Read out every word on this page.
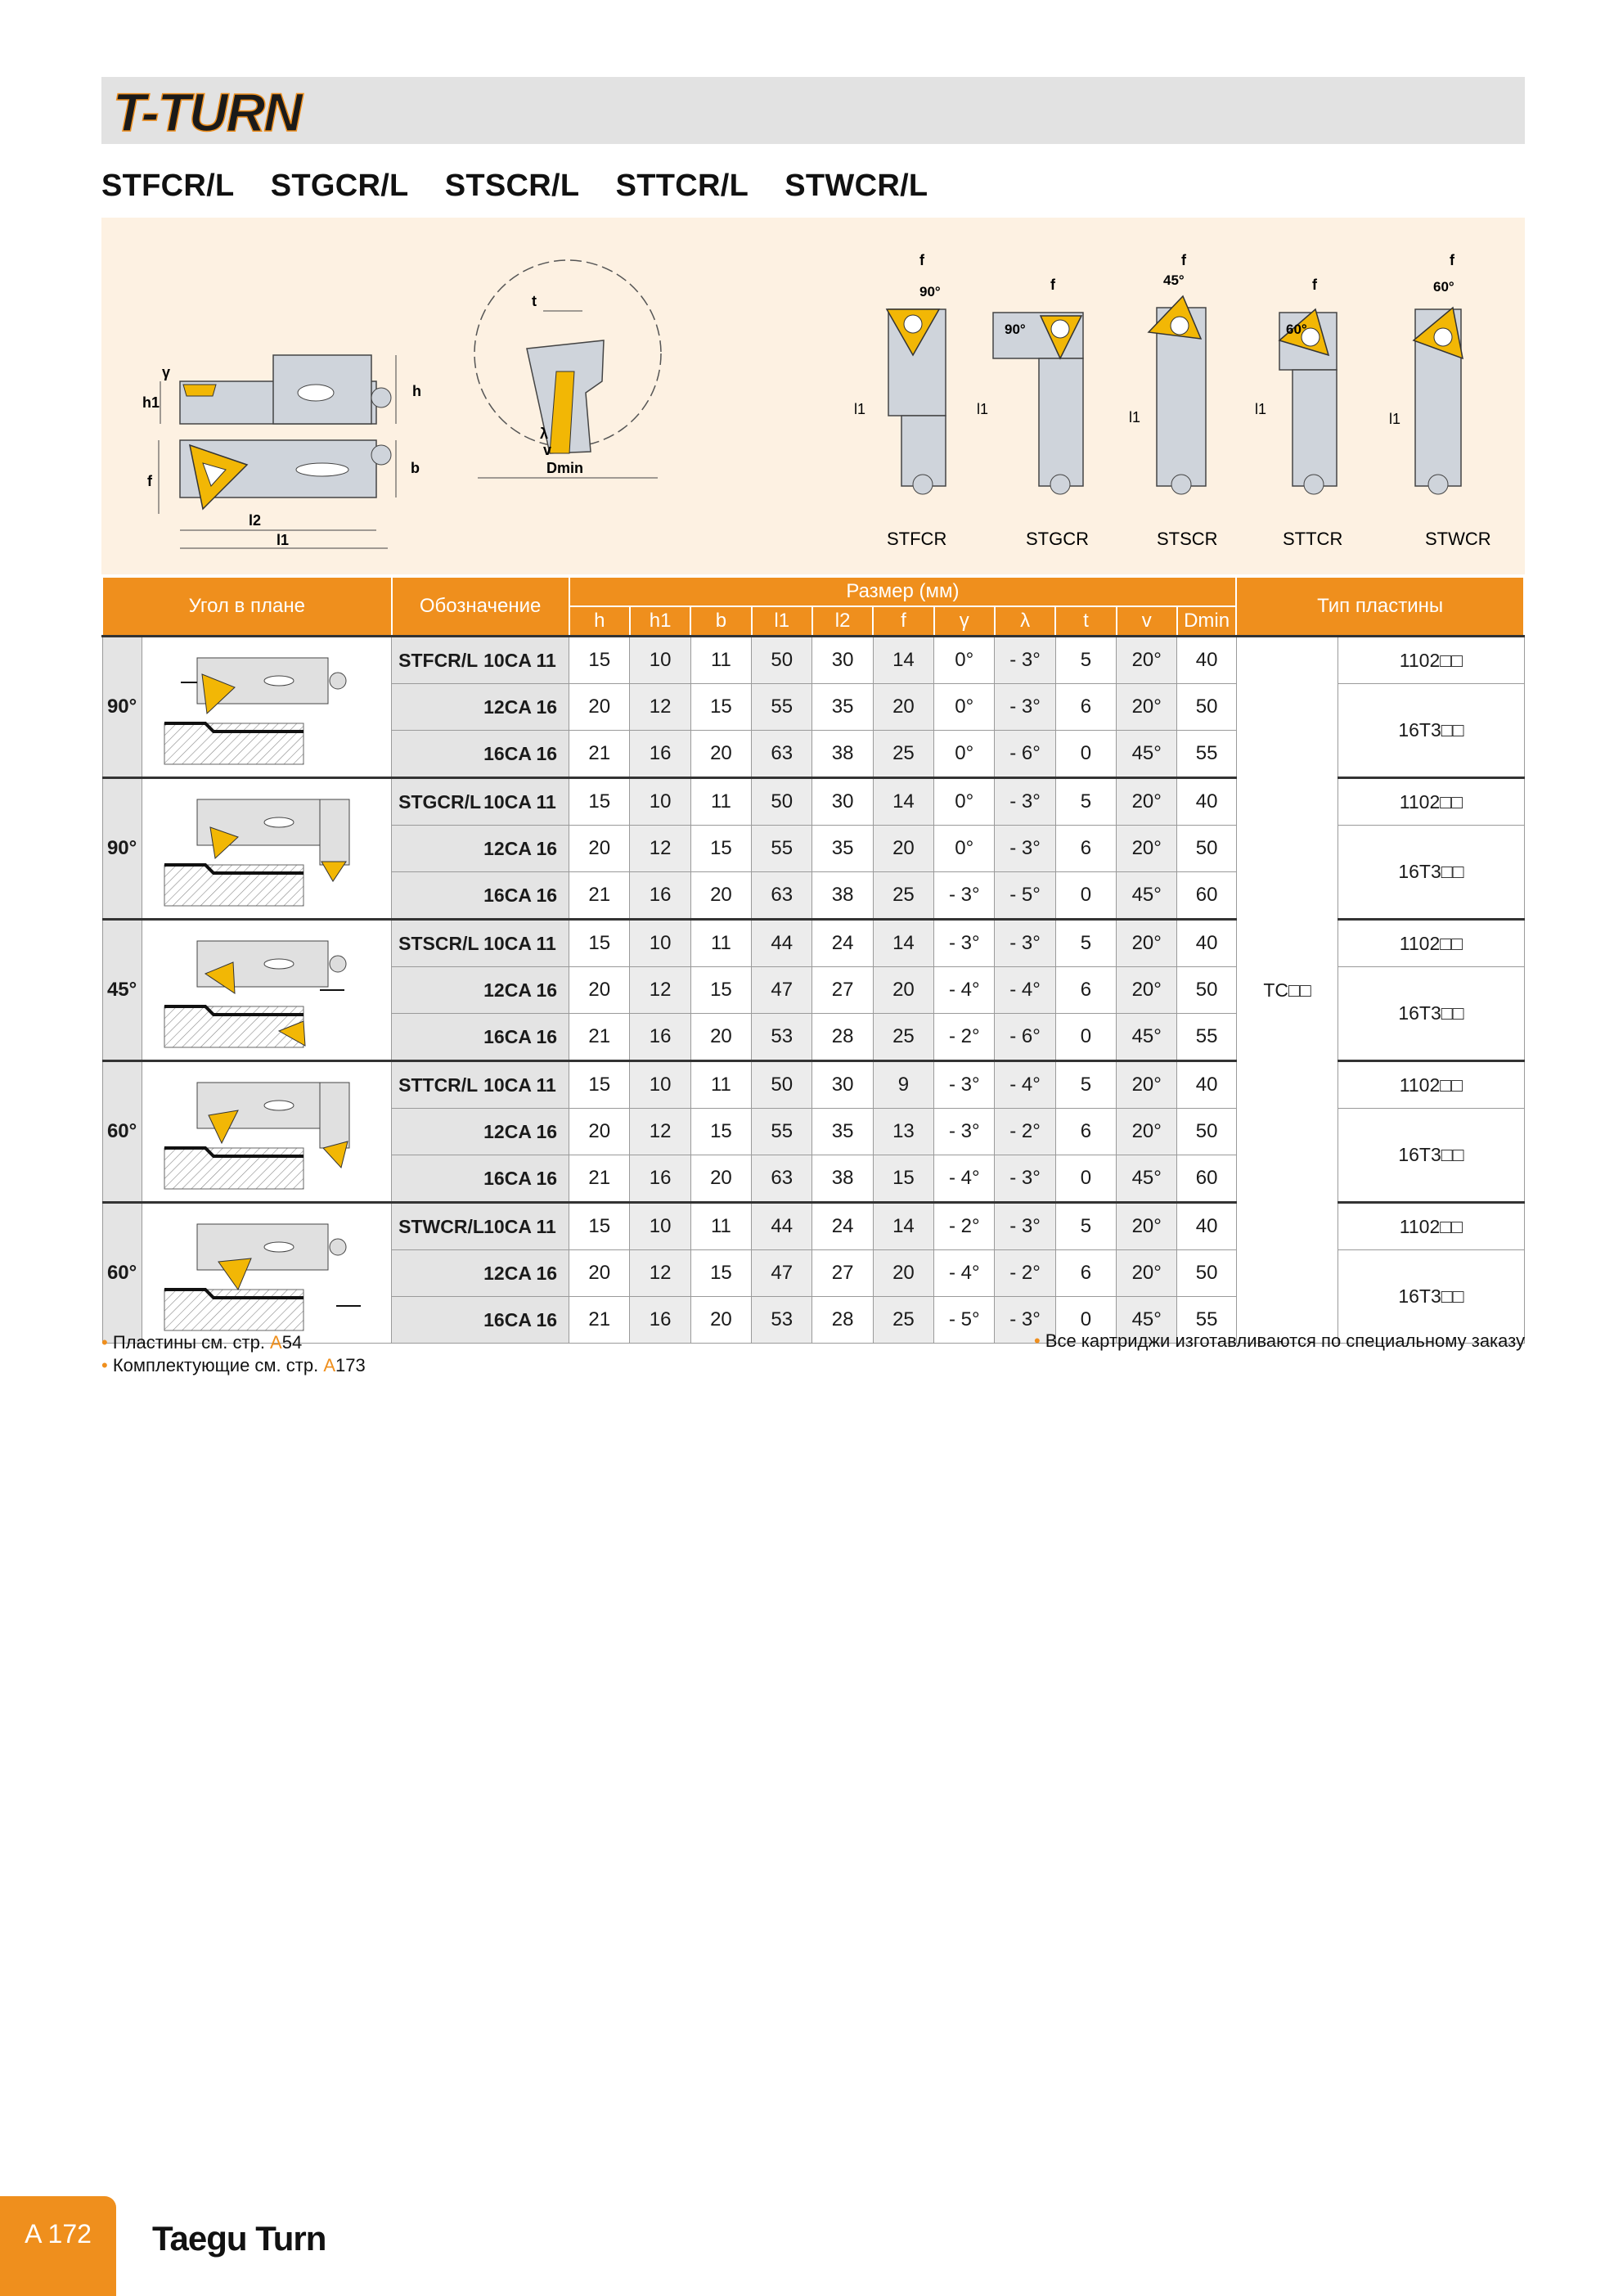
T-TURN
STFCR/L STGCR/L STSCR/L STTCR/L STWCR/L
γ
h1
h
f
b
l2
l1
t
λ
v
Dmin
90°
l1
f
STFCR
90°
l1
f
STGCR
45°
l1
f
STSCR
60°
l1
f
STTCR
60°
l1
f
STWCR
Угол в плане		Обозначение	Размер (мм)											Тип пластины	
			h	h1	b	l1	l2	f	γ	λ	t	v	Dmin		
90°		STFCR/L 10CA 11	15	10	11	50	30	14	0°	- 3°	5	20°	40	TC□□	1102□□
		12CA 16	20	12	15	55	35	20	0°	- 3°	6	20°	50		16T3□□
		16CA 16	21	16	20	63	38	25	0°	- 6°	0	45°	55		
90°		STGCR/L 10CA 11	15	10	11	50	30	14	0°	- 3°	5	20°	40		1102□□
		12CA 16	20	12	15	55	35	20	0°	- 3°	6	20°	50		16T3□□
		16CA 16	21	16	20	63	38	25	- 3°	- 5°	0	45°	60		
45°		STSCR/L 10CA 11	15	10	11	44	24	14	- 3°	- 3°	5	20°	40		1102□□
		12CA 16	20	12	15	47	27	20	- 4°	- 4°	6	20°	50		16T3□□
		16CA 16	21	16	20	53	28	25	- 2°	- 6°	0	45°	55		
60°		STTCR/L 10CA 11	15	10	11	50	30	9	- 3°	- 4°	5	20°	40		1102□□
		12CA 16	20	12	15	55	35	13	- 3°	- 2°	6	20°	50		16T3□□
		16CA 16	21	16	20	63	38	15	- 4°	- 3°	0	45°	60		
60°		STWCR/L10CA 11	15	10	11	44	24	14	- 2°	- 3°	5	20°	40		1102□□
		12CA 16	20	12	15	47	27	20	- 4°	- 2°	6	20°	50		16T3□□
		16CA 16	21	16	20	53	28	25	- 5°	- 3°	0	45°	55		
• Пластины см. стр. A54
• Комплектующие см. стр. A173
• Все картриджи изготавливаются по специальному заказу
A 172	Taegu Turn
